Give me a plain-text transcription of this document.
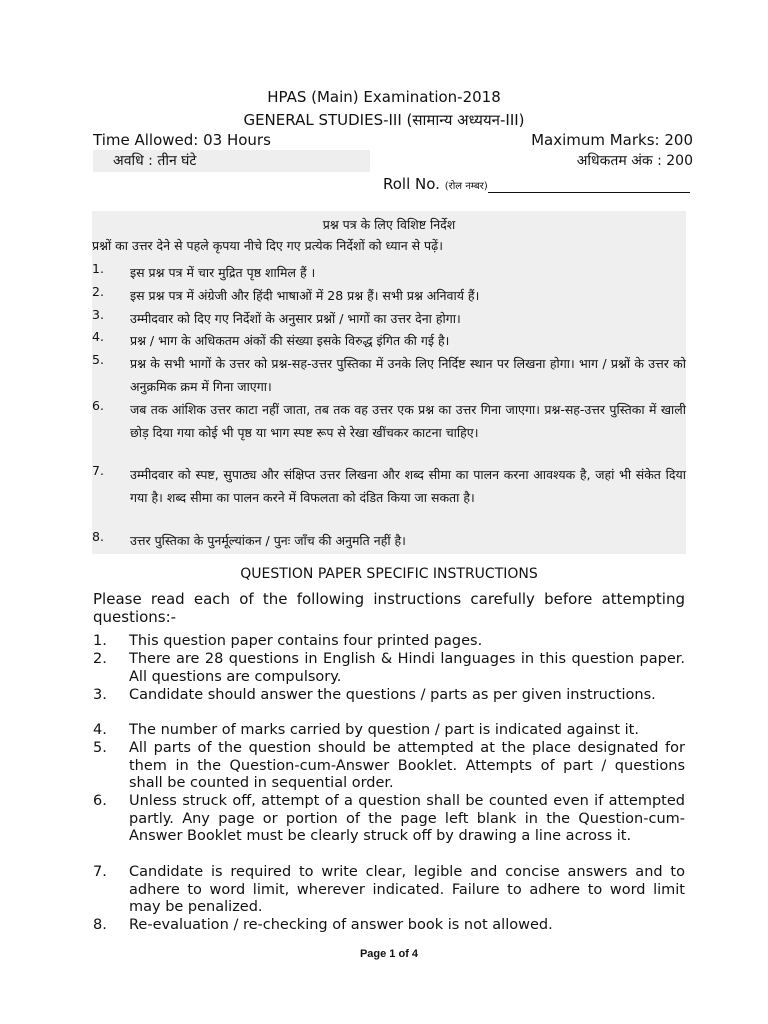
HPAS (Main) Examination-2018
GENERAL STUDIES-III (सामान्य अध्ययन-III)
Time Allowed: 03 Hours	Maximum Marks: 200
अवधि : तीन घंटे	अधिकतम अंक : 200
Roll No. (रोल नम्बर)
प्रश्न पत्र के लिए विशिष्ट निर्देश
प्रश्नों का उत्तर देने से पहले कृपया नीचे दिए गए प्रत्येक निर्देशों को ध्यान से पढ़ें।
1. इस प्रश्न पत्र में चार मुद्रित पृष्ठ शामिल हैं ।
2. इस प्रश्न पत्र में अंग्रेजी और हिंदी भाषाओं में 28 प्रश्न हैं। सभी प्रश्न अनिवार्य हैं।
3. उम्मीदवार को दिए गए निर्देशों के अनुसार प्रश्नों / भागों का उत्तर देना होगा।
4. प्रश्न / भाग के अधिकतम अंकों की संख्या इसके विरुद्ध इंगित की गई है।
5. प्रश्न के सभी भागों के उत्तर को प्रश्न-सह-उत्तर पुस्तिका में उनके लिए निर्दिष्ट स्थान पर लिखना होगा। भाग / प्रश्नों के उत्तर को अनुक्रमिक क्रम में गिना जाएगा।
6. जब तक आंशिक उत्तर काटा नहीं जाता, तब तक वह उत्तर एक प्रश्न का उत्तर गिना जाएगा। प्रश्न-सह-उत्तर पुस्तिका में खाली छोड़ दिया गया कोई भी पृष्ठ या भाग स्पष्ट रूप से रेखा खींचकर काटना चाहिए।
7. उम्मीदवार को स्पष्ट, सुपाठ्य और संक्षिप्त उत्तर लिखना और शब्द सीमा का पालन करना आवश्यक है, जहां भी संकेत दिया गया है। शब्द सीमा का पालन करने में विफलता को दंडित किया जा सकता है।
8. उत्तर पुस्तिका के पुनर्मूल्यांकन / पुनः जाँच की अनुमति नहीं है।
QUESTION PAPER SPECIFIC INSTRUCTIONS
Please read each of the following instructions carefully before attempting questions:-
1. This question paper contains four printed pages.
2. There are 28 questions in English & Hindi languages in this question paper. All questions are compulsory.
3. Candidate should answer the questions / parts as per given instructions.
4. The number of marks carried by question / part is indicated against it.
5. All parts of the question should be attempted at the place designated for them in the Question-cum-Answer Booklet. Attempts of part / questions shall be counted in sequential order.
6. Unless struck off, attempt of a question shall be counted even if attempted partly. Any page or portion of the page left blank in the Question-cum-Answer Booklet must be clearly struck off by drawing a line across it.
7. Candidate is required to write clear, legible and concise answers and to adhere to word limit, wherever indicated. Failure to adhere to word limit may be penalized.
8. Re-evaluation / re-checking of answer book is not allowed.
Page 1 of 4
